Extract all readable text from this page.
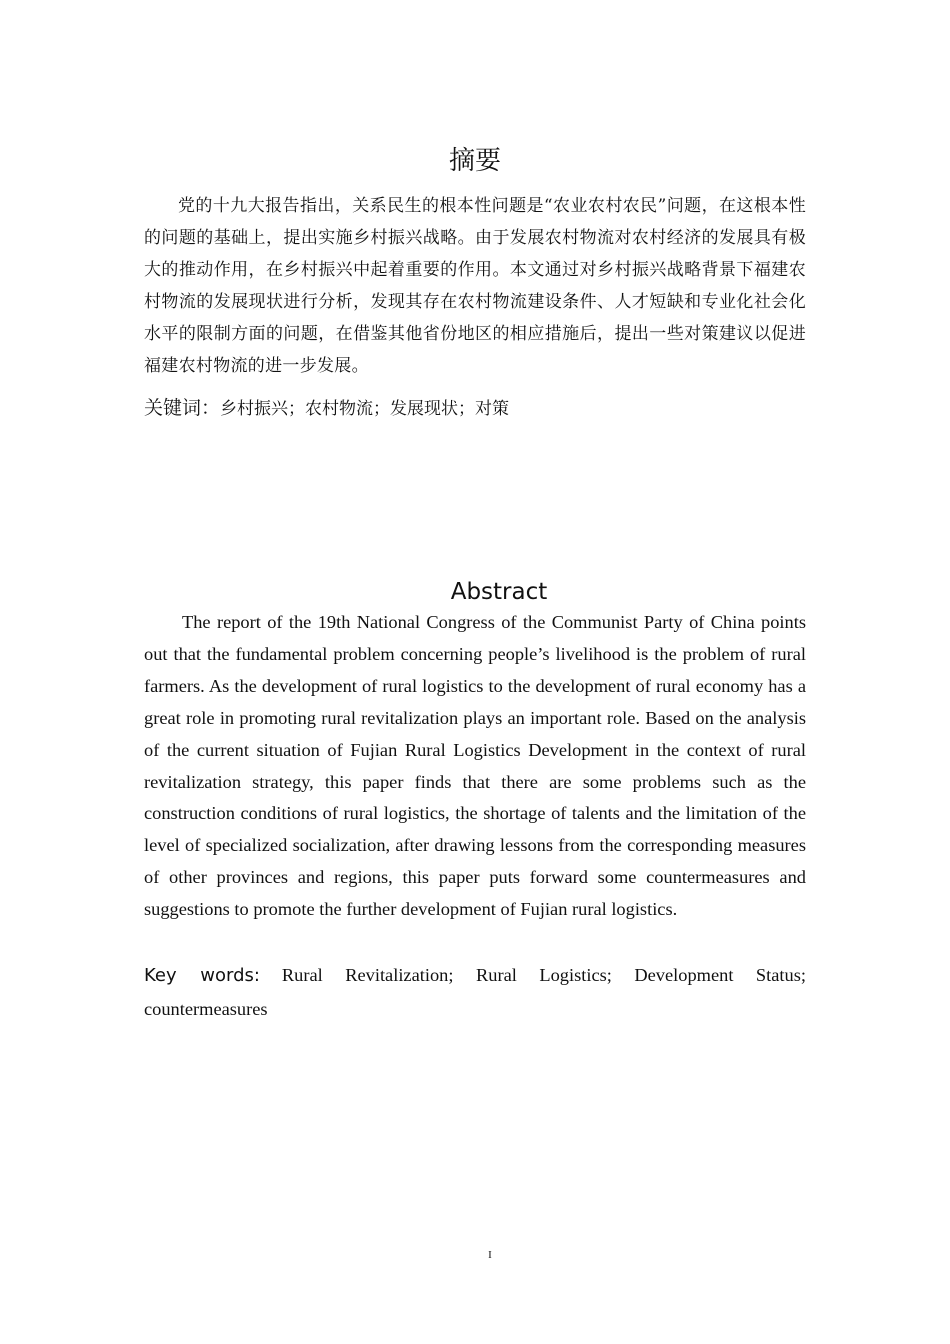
摘要

党的十九大报告指出，关系民生的根本性问题是“农业农村农民”问题，在这根本性的问题的基础上，提出实施乡村振兴战略。由于发展农村物流对农村经济的发展具有极大的推动作用，在乡村振兴中起着重要的作用。本文通过对乡村振兴战略背景下福建农村物流的发展现状进行分析，发现其存在农村物流建设条件、人才短缺和专业化社会化水平的限制方面的问题，在借鉴其他省份地区的相应措施后，提出一些对策建议以促进福建农村物流的进一步发展。

关键词：乡村振兴；农村物流；发展现状；对策

Abstract

The report of the 19th National Congress of the Communist Party of China points out that the fundamental problem concerning people’s livelihood is the problem of rural farmers. As the development of rural logistics to the development of rural economy has a great role in promoting rural revitalization plays an important role. Based on the analysis of the current situation of Fujian Rural Logistics Development in the context of rural revitalization strategy, this paper finds that there are some problems such as the construction conditions of rural logistics, the shortage of talents and the limitation of the level of specialized socialization, after drawing lessons from the corresponding measures of other provinces and regions, this paper puts forward some countermeasures and suggestions to promote the further development of Fujian rural logistics.

Key words: Rural Revitalization; Rural Logistics; Development Status; countermeasures

I
